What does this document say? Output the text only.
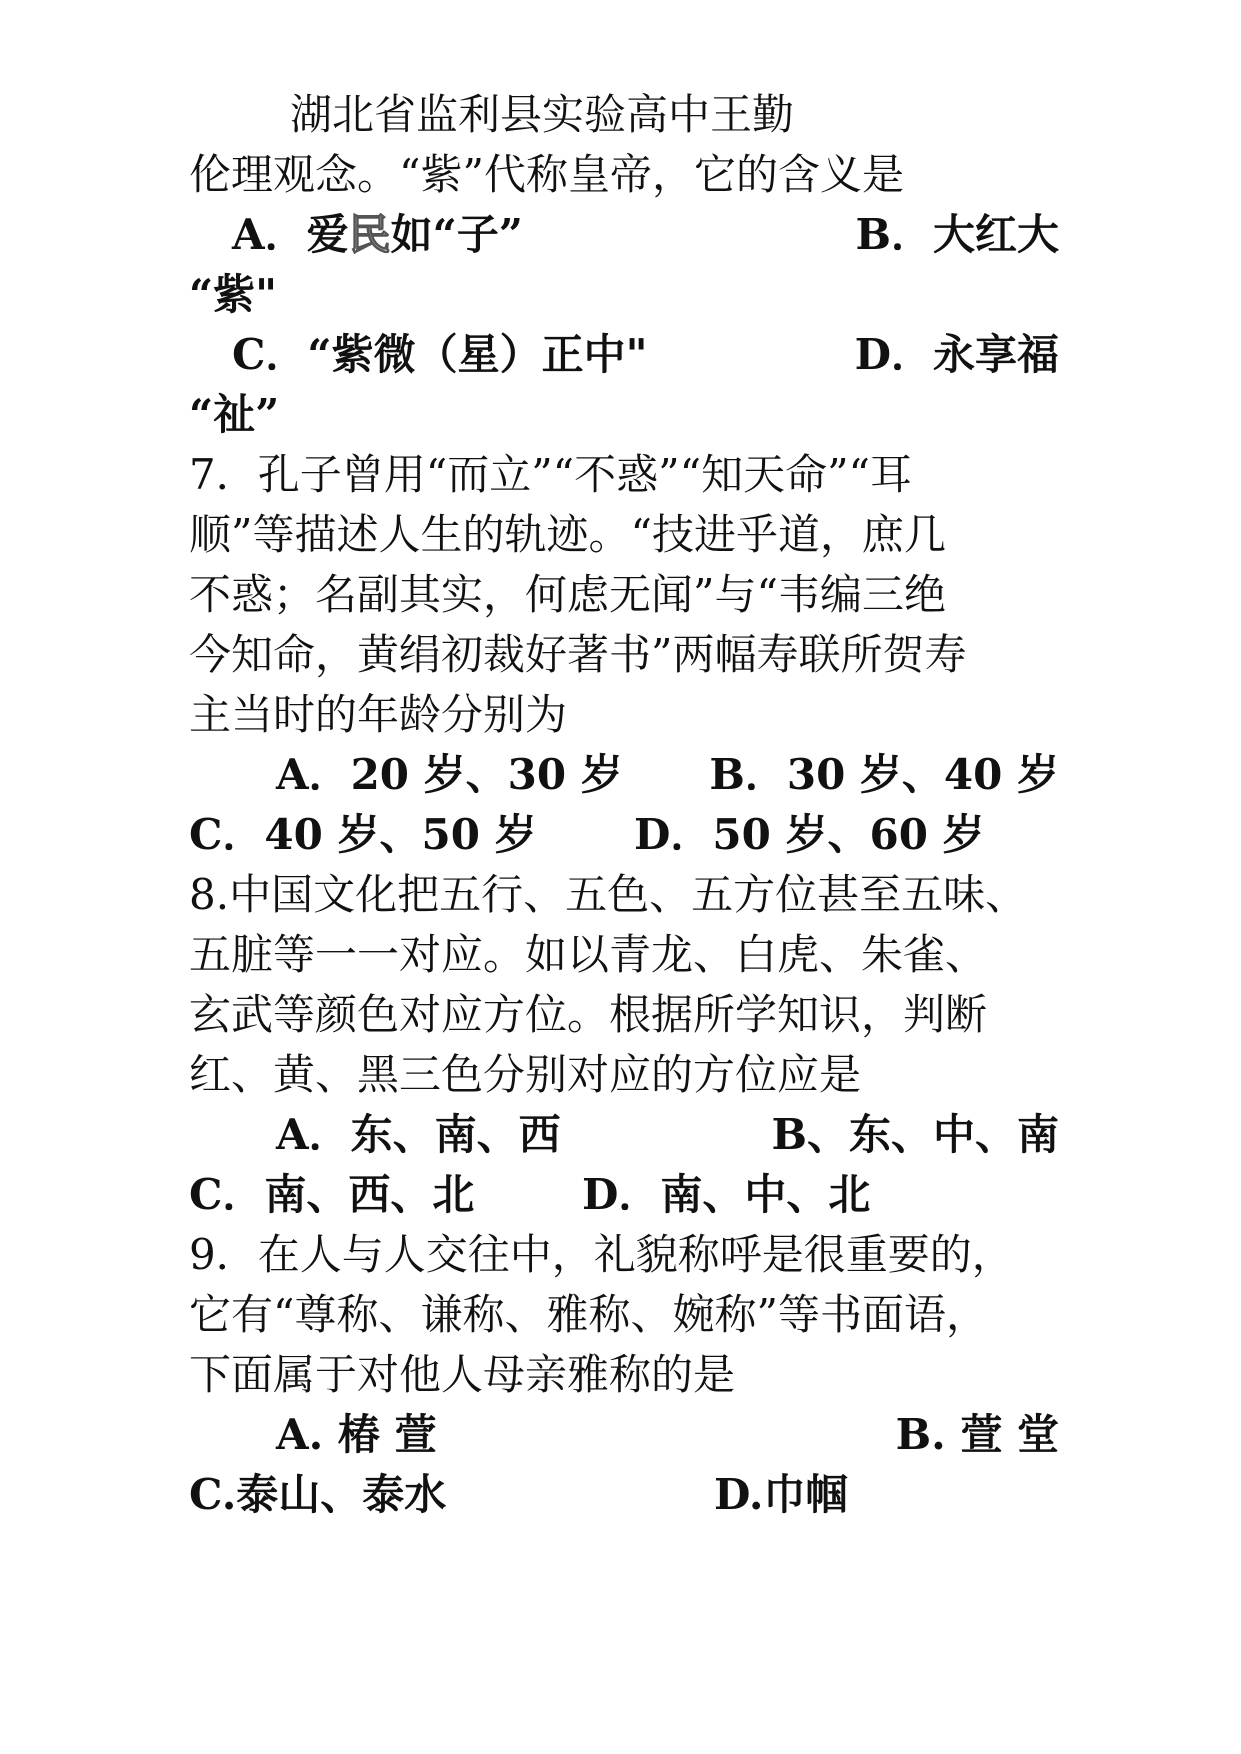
湖北省监利县实验高中王勤

伦理观念。“紫”代称皇帝，它的含义是

A．爱民如“子”	B．大红大

“紫"

C．“紫微（星）正中"	D．永享福

“祉”

7．孔子曾用“而立”“不惑”“知天命”“耳

顺”等描述人生的轨迹。“技进乎道，庶几

不惑；名副其实，何虑无闻”与“韦编三绝

今知命，黄绢初裁好著书”两幅寿联所贺寿

主当时的年龄分别为

A．20 岁、30 岁 B．30 岁、40 岁
C．40 岁、50 岁 D．50 岁、60 岁

8.中国文化把五行、五色、五方位甚至五味、

五脏等一一对应。如以青龙、白虎、朱雀、

玄武等颜色对应方位。根据所学知识，判断

红、黄、黑三色分别对应的方位应是

A．东、南、西	B、东、中、南
C．南、西、北	D．南、中、北

9．在人与人交往中，礼貌称呼是很重要的，

它有“尊称、谦称、雅称、婉称”等书面语，

下面属于对他人母亲雅称的是

A. 椿 萱	B. 萱 堂
C.泰山、泰水	D.巾帼
